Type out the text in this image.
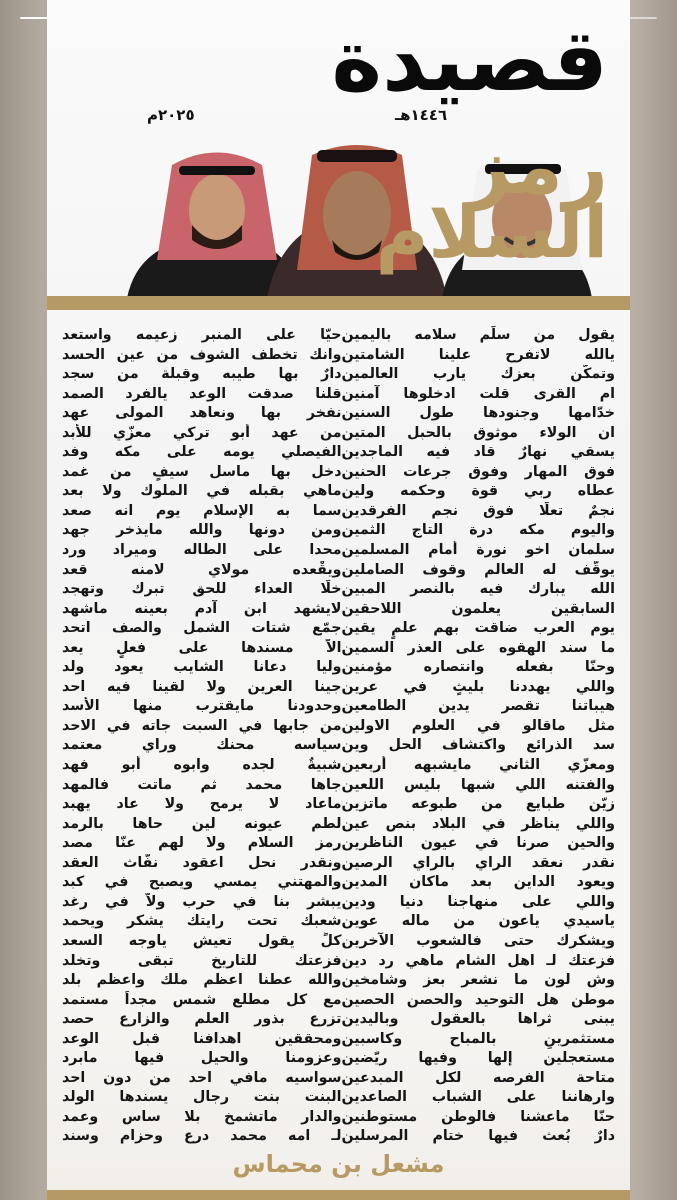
قصيدة
١٤٤٦هـ
٢٠٢٥م
رمز
السلام
يقول من سلّم سلامه باليمين
يالله لاتفرح علينا الشامتين
وتمكّن بعزك يارب العالمين
ام القرى قلت ادخلوها آمنين
خدّامها وجنودها طول السنين
ان الولاء موثوق بالحبل المتين
يسقي نهارٌ قاد فيه الماجدين
فوق المهار وفوق جرعات الحنين
عطاه ربي قوة وحكمه ولين
نجمٌ تعلّا فوق نجم الفرقدين
واليوم مكه درة التاج الثمين
سلمان اخو نورة أمام المسلمين
يوقّف له العالم وقوف الصاملين
الله يبارك فيه بالنصر المبين
السابقين يعلمون اللاحقين
يوم العرب ضاقت بهم علمٍ يقين
ما سند الهقوه على العذر السمين
وحنّا بفعله وانتصاره مؤمنين
واللي يهددنا بليثٍ في عرين
هيباتنا تقصر يدين الطامعين
مثل ماقالو في العلوم الاولين
سد الذرائع واكتشاف الحل وين
ومعزّي الثاني مايشبهه أربعين
والفتنه اللي شبها بليس اللعين
زيّن طبايع من طبوعه ماتزين
واللي يناظر في البلاد بنص عين
والحين صرنا في عيون الناظرين
نقدر نعقد الراي بالراي الرصين
ويعود الداين بعد ماكان المدين
واللي على منهاجنا دنيا ودين
ياسيدي ياعون من ماله عوين
ويشكرك حتى فالشعوب الآخرين
فزعتك لـ اهل الشام ماهي رد دين
وش لون ما نشعر بعز وشامخين
موطن هل التوحيد والحصن الحصين
يبنى ثراها بالعقول وباليدين
مستثمرينٍ بالمباح وكاسبين
مستعجلين إلها وفيها ريّضين
متاحة الفرصه لكل المبدعين
وارهاننا على الشباب الصاعدين
حنّا ماعشنا فالوطن مستوطنين
دارٌ بُعث فيها ختام المرسلين
حيّا على المنبر زعيمه واستعد
وانك تخطف الشوف من عين الحسد
دارٌ بها طيبه وقبلة من سجد
قلنا صدقت الوعد يالفرد الصمد
نفخر بها ونعاهد المولى عهد
من عهد أبو تركي معزّي للأبد
الفيصلي يومه على مكه وفد
دخل بها ماسل سيفٍ من غمد
ماهي بقبله في الملوك ولا بعد
سما به الإسلام يوم انه صعد
ومن دونها والله مايذخر جهد
محدا على الطاله وميراد ورد
ويقْعده مولاي لامنه قعد
خلّا العداء للحق تبرك وتهجد
لايشهد ابن آدم بعينه ماشهد
جمّع شتات الشمل والصف اتحد
الاّ مسندها على فعلٍ يعد
وليا دعانا الشايب يعود ولد
جينا العرين ولا لقينا فيه احد
وحدودنا مايقترب منها الأسد
من جابها في السبت جاته في الاحد
سياسه محنك وراي معتمد
شبيةٌ لجده وابوه أبو فهد
جاها محمد ثم ماتت فالمهد
ماعاد لا يرمح ولا عاد يهبد
لطم عيونه لين حاها بالرمد
رمز السلام ولا لهم عنّا مصد
ونقدر نحل اعقود نفّاث العقد
والمهتني يمسي ويصبح في كبد
يبشر بنا في حرب ولاّ في رغد
شعبك تحت رايتك يشكر ويحمد
كلٍّ يقول تعيش ياوجه السعد
فزعتك للتاريخ تبقى وتخلد
والله عطنا اعظم ملك واعظم بلد
مع كل مطلع شمس مجداً مستمد
تزرع بذور العلم والزارع حصد
ومحققين اهدافنا قبل الوعد
وعزومنا والحيل فيها مابرد
سواسيه مافي احد من دون احد
البنت بنت رجال يسندها الولد
والدار ماتشمخ بلا ساس وعمد
لـ امه محمد درع وحزام وسند
مشعل بن محماس
